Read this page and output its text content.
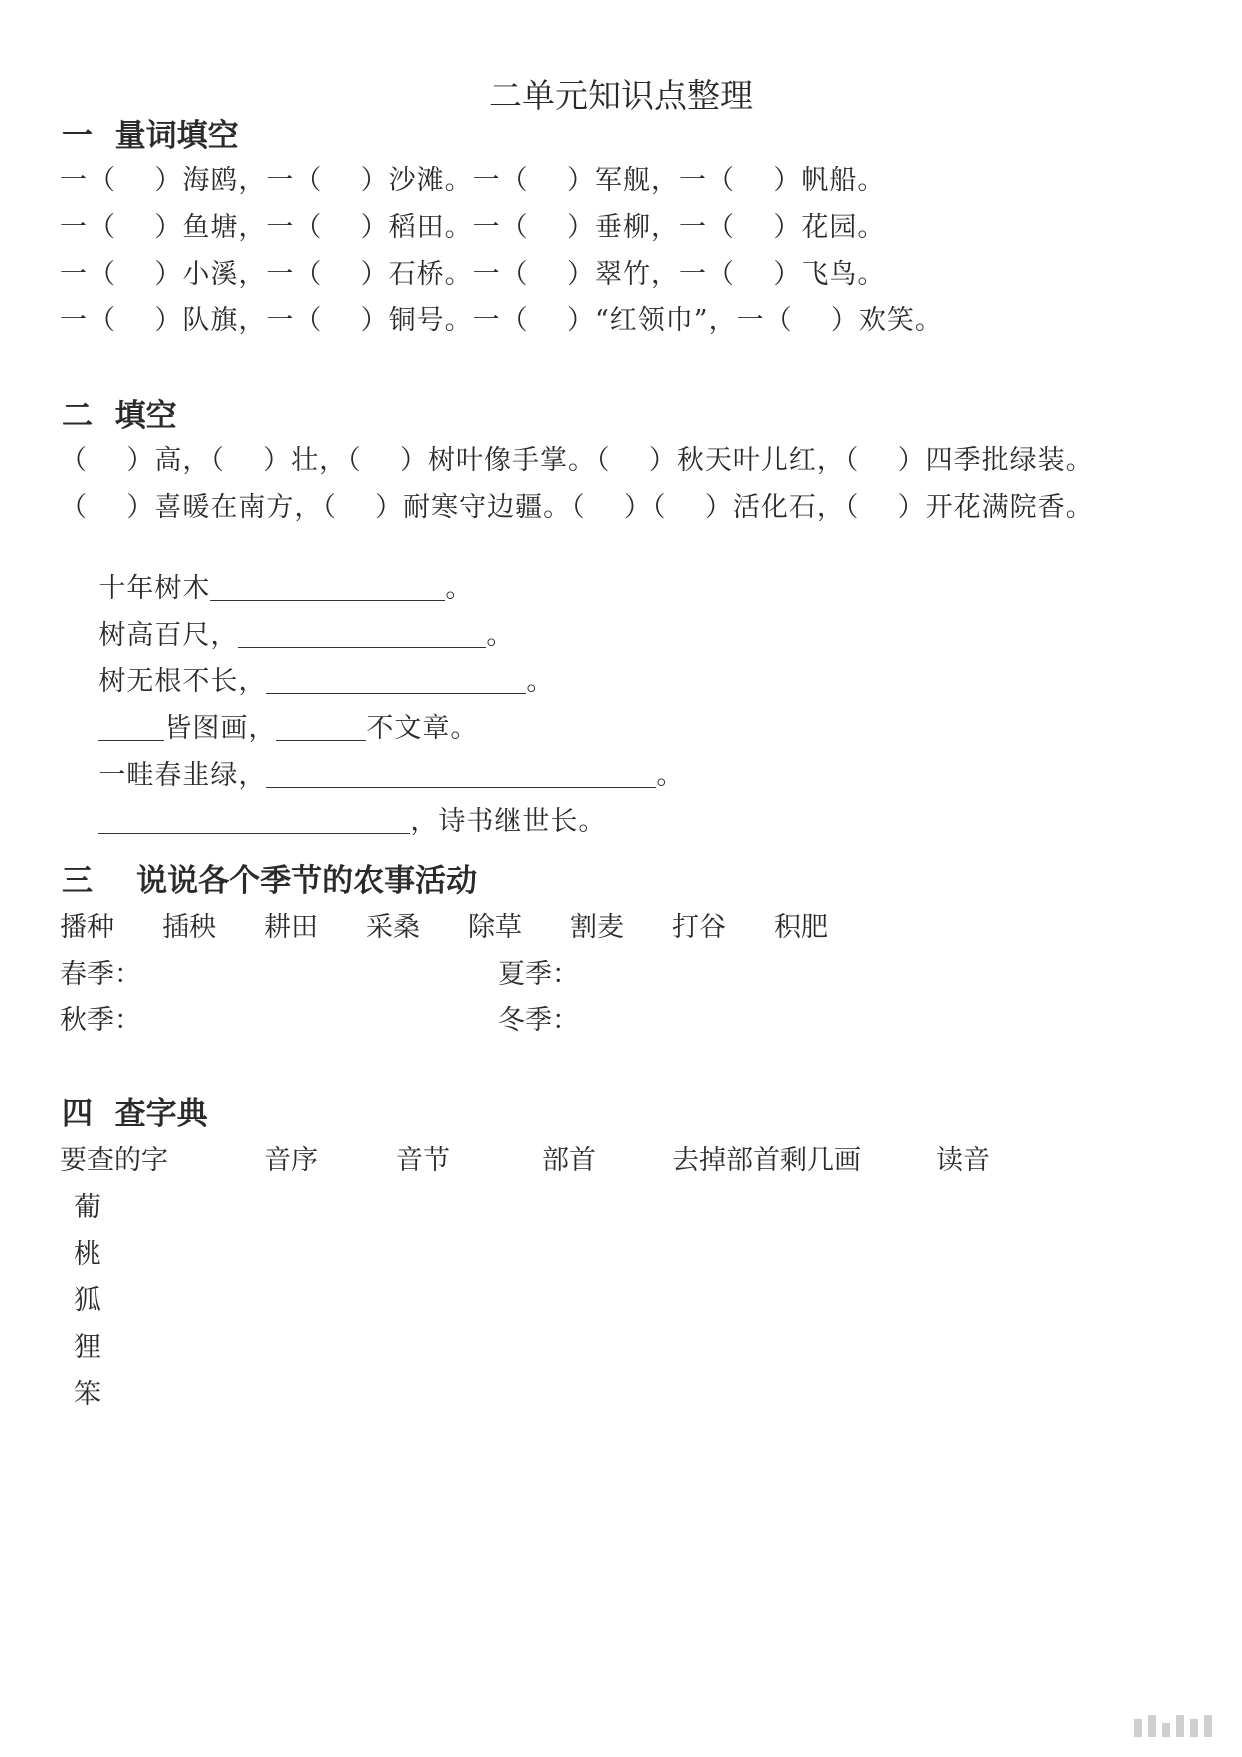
二单元知识点整理
一  量词填空
一（    ）海鸥，一（    ）沙滩。一（    ）军舰，一（    ）帆船。
一（    ）鱼塘，一（    ）稻田。一（    ）垂柳，一（    ）花园。
一（    ）小溪，一（    ）石桥。一（    ）翠竹，一（    ）飞鸟。
一（    ）队旗，一（    ）铜号。一（    ）“红领巾”，一（    ）欢笑。
二  填空
（    ）高，（    ）壮，（    ）树叶像手掌。（    ）秋天叶儿红，（    ）四季批绿装。
（    ）喜暖在南方，（    ）耐寒守边疆。（    ）（    ）活化石，（    ）开花满院香。

十年树木	。

树高百尺，	。

树无根不长，	。

皆图画，	不文章。

一畦春韭绿，	。

，诗书继世长。

三    说说各个季节的农事活动
播种 插秧 耕田 采桑 除草 割麦 打谷 积肥
春季：	夏季：
秋季：	冬季：
四  查字典
要查的字	音序	音节	部首	去掉部首剩几画	读音
葡
桃
狐
狸
笨
